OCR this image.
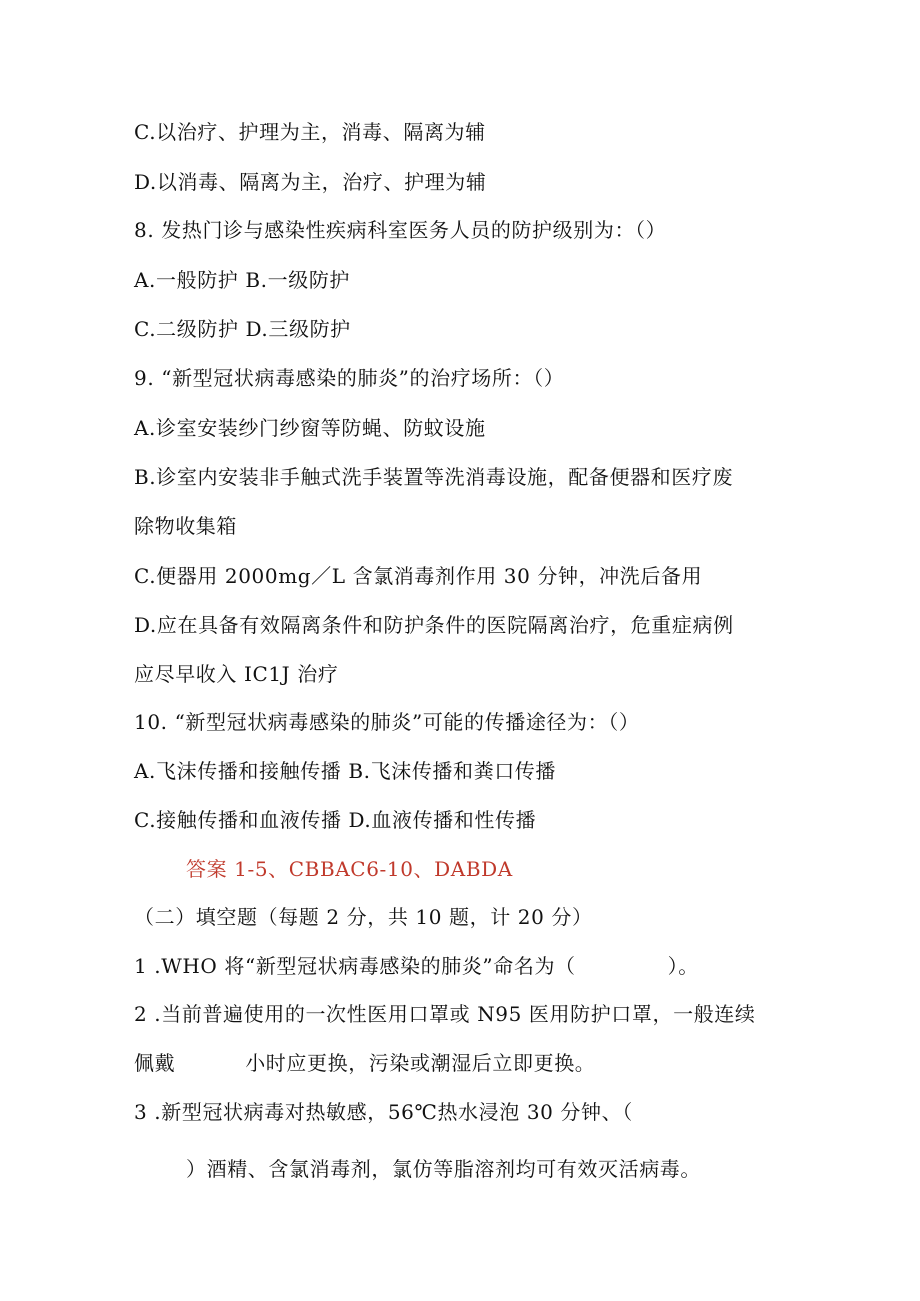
C.以治疗、护理为主，消毒、隔离为辅
D.以消毒、隔离为主，治疗、护理为辅
8. 发热门诊与感染性疾病科室医务人员的防护级别为：（）
A.一般防护 B.一级防护
C.二级防护 D.三级防护
9. “新型冠状病毒感染的肺炎”的治疗场所：（）
A.诊室安装纱门纱窗等防蝇、防蚊设施
B.诊室内安装非手触式洗手装置等洗消毒设施，配备便器和医疗废
除物收集箱
C.便器用 2000mg／L 含氯消毒剂作用 30 分钟，冲洗后备用
D.应在具备有效隔离条件和防护条件的医院隔离治疗，危重症病例
应尽早收入 IC1J 治疗
10. “新型冠状病毒感染的肺炎”可能的传播途径为：（）
A.飞沫传播和接触传播 B.飞沫传播和粪口传播
C.接触传播和血液传播 D.血液传播和性传播
答案 1-5、CBBAC6-10、DABDA
（二）填空题（每题 2 分，共 10 题，计 20 分）
1 .WHO 将“新型冠状病毒感染的肺炎”命名为（	）。
2 .当前普遍使用的一次性医用口罩或 N95 医用防护口罩，一般连续
佩戴	小时应更换，污染或潮湿后立即更换。
3 .新型冠状病毒对热敏感，56℃热水浸泡 30 分钟、（
）酒精、含氯消毒剂，氯仿等脂溶剂均可有效灭活病毒。
